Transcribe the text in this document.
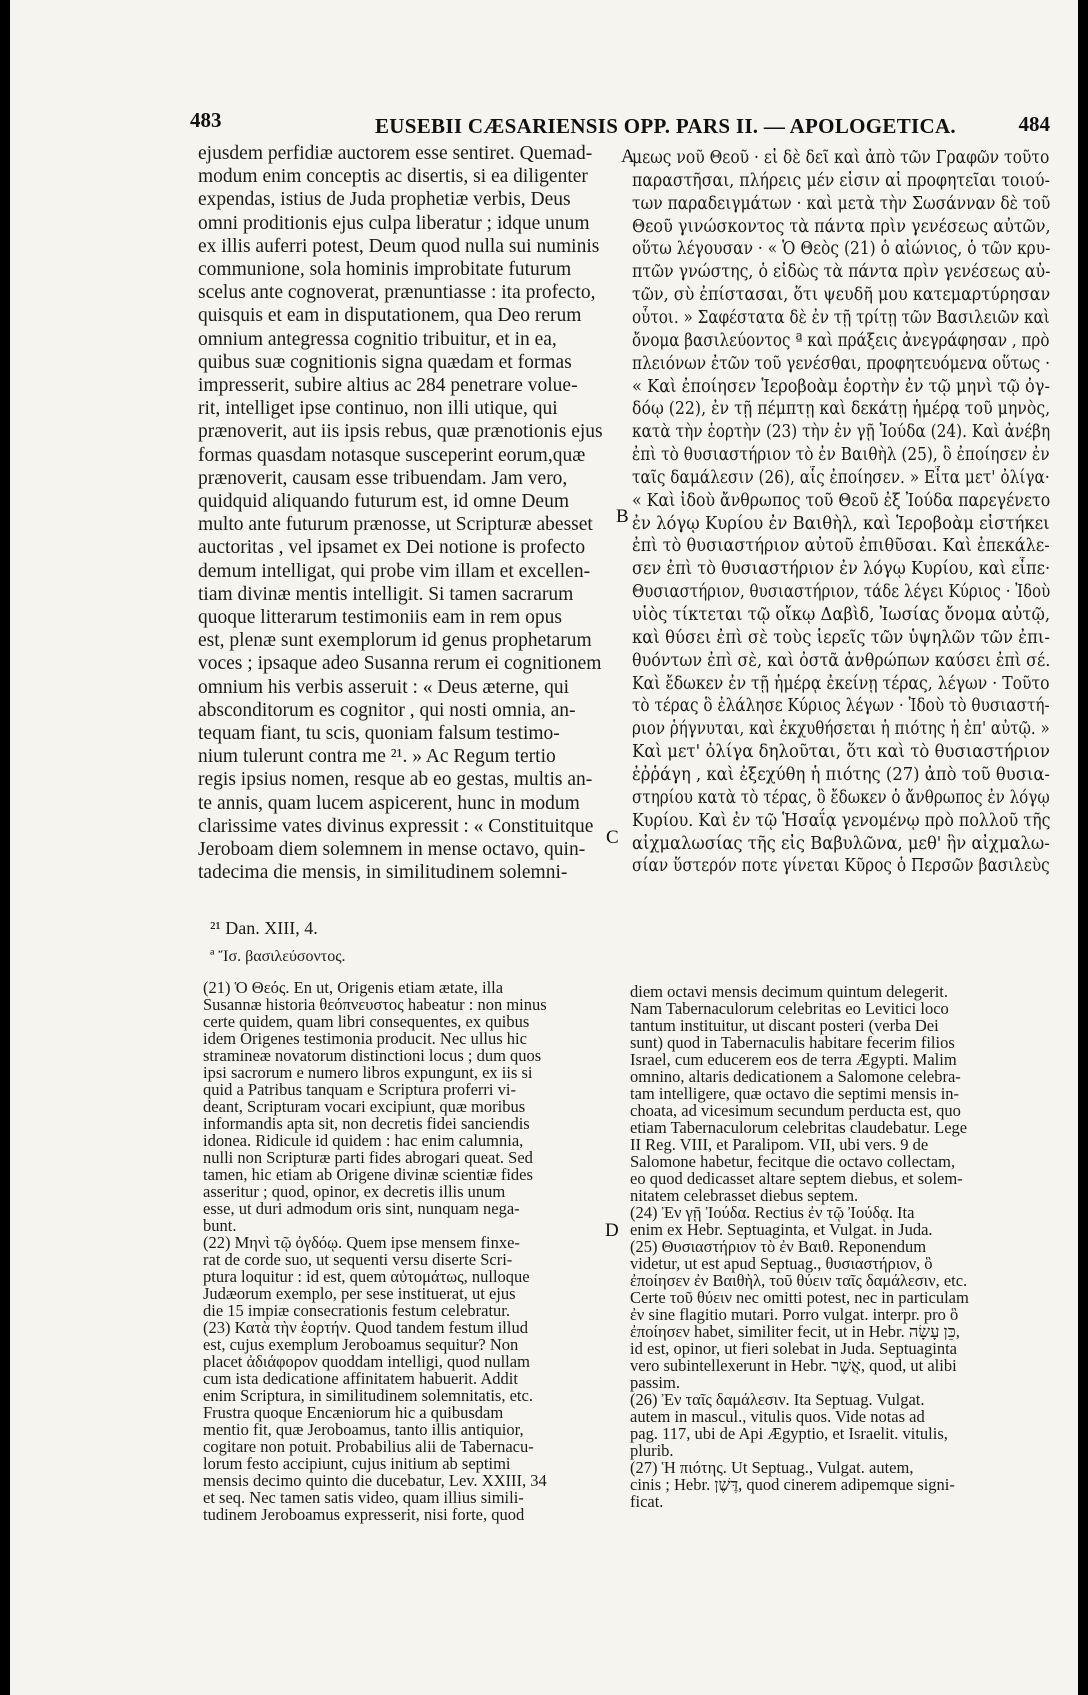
483	EUSEBII CÆSARIENSIS OPP. PARS II. — APOLOGETICA.	484
ejusdem perfidiæ auctorem esse sentiret. Quemad-
modum enim conceptis ac disertis, si ea diligenter
expendas, istius de Juda prophetiæ verbis, Deus
omni proditionis ejus culpa liberatur ; idque unum
ex illis auferri potest, Deum quod nulla sui numinis
communione, sola hominis improbitate futurum
scelus ante cognoverat, prænuntiasse : ita profecto,
quisquis et eam in disputationem, qua Deo rerum
omnium antegressa cognitio tribuitur, et in ea,
quibus suæ cognitionis signa quædam et formas
impresserit, subire altius ac 284 penetrare volue-
rit, intelliget ipse continuo, non illi utique, qui
prænoverit, aut iis ipsis rebus, quæ prænotionis ejus
formas quasdam notasque susceperint eorum,quæ
prænoverit, causam esse tribuendam. Jam vero,
quidquid aliquando futurum est, id omne Deum
multo ante futurum prænosse, ut Scripturæ abesset
auctoritas , vel ipsamet ex Dei notione is profecto
demum intelligat, qui probe vim illam et excellen-
tiam divinæ mentis intelligit. Si tamen sacrarum
quoque litterarum testimoniis eam in rem opus
est, plenæ sunt exemplorum id genus prophetarum
voces ; ipsaque adeo Susanna rerum ei cognitionem
omnium his verbis asseruit : « Deus æterne, qui
absconditorum es cognitor , qui nosti omnia, an-
tequam fiant, tu scis, quoniam falsum testimo-
nium tulerunt contra me ²¹. » Ac Regum tertio
regis ipsius nomen, resque ab eo gestas, multis an-
te annis, quam lucem aspicerent, hunc in modum
clarissime vates divinus expressit : « Constituitque
Jeroboam diem solemnem in mense octavo, quin-
tadecima die mensis, in similitudinem solemni-
μεως νοῦ Θεοῦ · εἰ δὲ δεῖ καὶ ἀπὸ τῶν Γραφῶν τοῦτο
παραστῆσαι, πλήρεις μέν εἰσιν αἱ προφητεῖαι τοιού-
των παραδειγμάτων · καὶ μετὰ τὴν Σωσάνναν δὲ τοῦ
Θεοῦ γινώσκοντος τὰ πάντα πρὶν γενέσεως αὐτῶν,
οὕτω λέγουσαν · « Ὁ Θεὸς (21) ὁ αἰώνιος, ὁ τῶν κρυ-
πτῶν γνώστης, ὁ εἰδὼς τὰ πάντα πρὶν γενέσεως αὐ-
τῶν, σὺ ἐπίστασαι, ὅτι ψευδῆ μου κατεμαρτύρησαν
οὗτοι. » Σαφέστατα δὲ ἐν τῇ τρίτῃ τῶν Βασιλειῶν καὶ
ὄνομα βασιλεύοντος ª καὶ πράξεις ἀνεγράφησαν , πρὸ
πλειόνων ἐτῶν τοῦ γενέσθαι, προφητευόμενα οὕτως ·
« Καὶ ἐποίησεν Ἱεροβοὰμ ἑορτὴν ἐν τῷ μηνὶ τῷ ὀγ-
δόῳ (22), ἐν τῇ πέμπτῃ καὶ δεκάτῃ ἡμέρᾳ τοῦ μηνὸς,
κατὰ τὴν ἑορτὴν (23) τὴν ἐν γῇ Ἰούδα (24). Καὶ ἀνέβη
ἐπὶ τὸ θυσιαστήριον τὸ ἐν Βαιθὴλ (25), ὃ ἐποίησεν ἐν
ταῖς δαμάλεσιν (26), αἷς ἐποίησεν. » Εἶτα μετ' ὀλίγα·
« Καὶ ἰδοὺ ἄνθρωπος τοῦ Θεοῦ ἐξ Ἰούδα παρεγένετο
ἐν λόγῳ Κυρίου ἐν Βαιθὴλ, καὶ Ἱεροβοὰμ εἱστήκει
ἐπὶ τὸ θυσιαστήριον αὐτοῦ ἐπιθῦσαι. Καὶ ἐπεκάλε-
σεν ἐπὶ τὸ θυσιαστήριον ἐν λόγῳ Κυρίου, καὶ εἶπε·
Θυσιαστήριον, θυσιαστήριον, τάδε λέγει Κύριος · Ἰδοὺ
υἱὸς τίκτεται τῷ οἴκῳ Δαβὶδ, Ἰωσίας ὄνομα αὐτῷ,
καὶ θύσει ἐπὶ σὲ τοὺς ἱερεῖς τῶν ὑψηλῶν τῶν ἐπι-
θυόντων ἐπὶ σὲ, καὶ ὀστᾶ ἀνθρώπων καύσει ἐπὶ σέ.
Καὶ ἔδωκεν ἐν τῇ ἡμέρᾳ ἐκείνῃ τέρας, λέγων · Τοῦτο
τὸ τέρας ὃ ἐλάλησε Κύριος λέγων · Ἰδοὺ τὸ θυσιαστή-
ριον ῥήγνυται, καὶ ἐκχυθήσεται ἡ πιότης ἡ ἐπ' αὐτῷ. »
Καὶ μετ' ὀλίγα δηλοῦται, ὅτι καὶ τὸ θυσιαστήριον
ἐῤῥάγη , καὶ ἐξεχύθη ἡ πιότης (27) ἀπὸ τοῦ θυσια-
στηρίου κατὰ τὸ τέρας, ὃ ἔδωκεν ὁ ἄνθρωπος ἐν λόγῳ
Κυρίου. Καὶ ἐν τῷ Ἡσαΐᾳ γενομένῳ πρὸ πολλοῦ τῆς
αἰχμαλωσίας τῆς εἰς Βαβυλῶνα, μεθ' ἣν αἰχμαλω-
σίαν ὕστερόν ποτε γίνεται Κῦρος ὁ Περσῶν βασιλεὺς
A
B
C
D
²¹ Dan. XIII, 4.
ª Ἴσ. βασιλεύσοντος.
(21) Ὁ Θεός. En ut, Origenis etiam ætate, illa
Susannæ historia θεόπνευστος habeatur : non minus
certe quidem, quam libri consequentes, ex quibus
idem Origenes testimonia producit. Nec ullus hic
stramineæ novatorum distinctioni locus ; dum quos
ipsi sacrorum e numero libros expungunt, ex iis si
quid a Patribus tanquam e Scriptura proferri vi-
deant, Scripturam vocari excipiunt, quæ moribus
informandis apta sit, non decretis fidei sanciendis
idonea. Ridicule id quidem : hac enim calumnia,
nulli non Scripturæ parti fides abrogari queat. Sed
tamen, hic etiam ab Origene divinæ scientiæ fides
asseritur ; quod, opinor, ex decretis illis unum
esse, ut duri admodum oris sint, nunquam nega-
bunt.
(22) Μηνὶ τῷ ὀγδόῳ. Quem ipse mensem finxe-
rat de corde suo, ut sequenti versu diserte Scri-
ptura loquitur : id est, quem αὐτομάτως, nulloque
Judæorum exemplo, per sese instituerat, ut ejus
die 15 impiæ consecrationis festum celebratur.
(23) Κατὰ τὴν ἑορτήν. Quod tandem festum illud
est, cujus exemplum Jeroboamus sequitur? Non
placet ἀδιάφορον quoddam intelligi, quod nullam
cum ista dedicatione affinitatem habuerit. Addit
enim Scriptura, in similitudinem solemnitatis, etc.
Frustra quoque Encæniorum hic a quibusdam
mentio fit, quæ Jeroboamus, tanto illis antiquior,
cogitare non potuit. Probabilius alii de Tabernacu-
lorum festo accipiunt, cujus initium ab septimi
mensis decimo quinto die ducebatur, Lev. XXIII, 34
et seq. Nec tamen satis video, quam illius simili-
tudinem Jeroboamus expresserit, nisi forte, quod
diem octavi mensis decimum quintum delegerit.
Nam Tabernaculorum celebritas eo Levitici loco
tantum instituitur, ut discant posteri (verba Dei
sunt) quod in Tabernaculis habitare fecerim filios
Israel, cum educerem eos de terra Ægypti. Malim
omnino, altaris dedicationem a Salomone celebra-
tam intelligere, quæ octavo die septimi mensis in-
choata, ad vicesimum secundum perducta est, quo
etiam Tabernaculorum celebritas claudebatur. Lege
II Reg. VIII, et Paralipom. VII, ubi vers. 9 de
Salomone habetur, fecitque die octavo collectam,
eo quod dedicasset altare septem diebus, et solem-
nitatem celebrasset diebus septem.
(24) Ἐν γῇ Ἰούδα. Rectius ἐν τῷ Ἰούδᾳ. Ita
enim ex Hebr. Septuaginta, et Vulgat. in Juda.
(25) Θυσιαστήριον τὸ ἐν Βαιθ. Reponendum
videtur, ut est apud Septuag., θυσιαστήριον, ὃ
ἐποίησεν ἐν Βαιθὴλ, τοῦ θύειν ταῖς δαμάλεσιν, etc.
Certe τοῦ θύειν nec omitti potest, nec in particulam
ἐν sine flagitio mutari. Porro vulgat. interpr. pro ὃ
ἐποίησεν habet, similiter fecit, ut in Hebr. כֵּן עָשָׂה,
id est, opinor, ut fieri solebat in Juda. Septuaginta
vero subintellexerunt in Hebr. אֲשֶׁר, quod, ut alibi
passim.
(26) Ἐν ταῖς δαμάλεσιν. Ita Septuag. Vulgat.
autem in mascul., vitulis quos. Vide notas ad
pag. 117, ubi de Api Ægyptio, et Israelit. vitulis,
plurib.
(27) Ἡ πιότης. Ut Septuag., Vulgat. autem,
cinis ; Hebr. דֶּשֶׁן, quod cinerem adipemque signi-
ficat.
